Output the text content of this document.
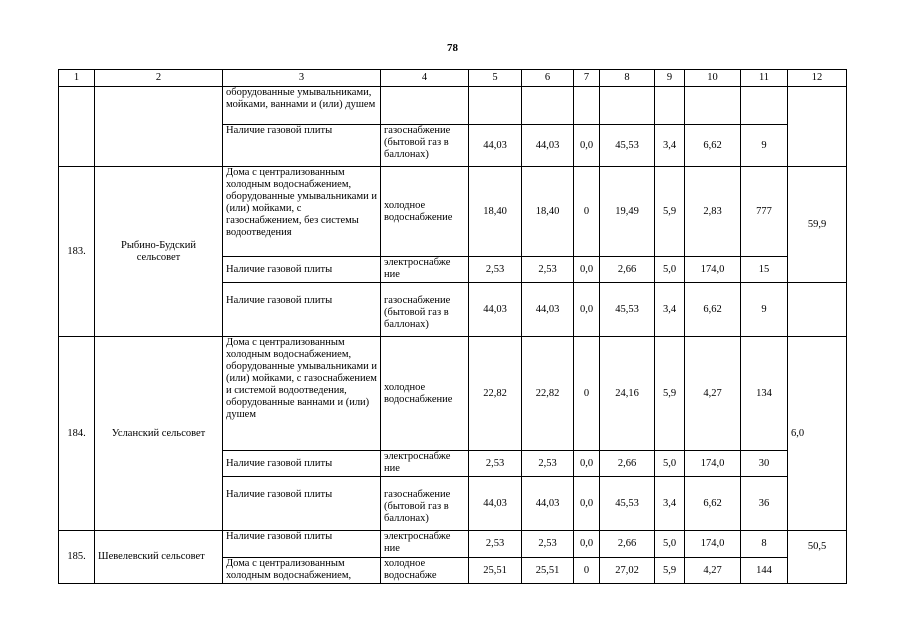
78
1	2	3	4	5	6	7	8	9	10	11	12
		оборудованные умывальниками, мойками, ваннами и (или) душем									
		Наличие газовой плиты	газоснабжение (бытовой газ в баллонах)	44,03	44,03	0,0	45,53	3,4	6,62	9	
183.	Рыбино-Будский сельсовет	Дома с централизованным холодным водоснабжением, оборудованные умывальниками и (или) мойками, с газоснабжением, без системы водоотведения	холодное водоснабжение	18,40	18,40	0	19,49	5,9	2,83	777	59,9
		Наличие газовой плиты	электроснабже ние	2,53	2,53	0,0	2,66	5,0	174,0	15	
		Наличие газовой плиты	газоснабжение (бытовой газ в баллонах)	44,03	44,03	0,0	45,53	3,4	6,62	9	
184.	Усланский сельсовет	Дома с централизованным холодным водоснабжением, оборудованные умывальниками и (или) мойками, с газоснабжением и системой водоотведения, оборудованные ваннами и (или) душем	холодное водоснабжение	22,82	22,82	0	24,16	5,9	4,27	134	6,0
		Наличие газовой плиты	электроснабже ние	2,53	2,53	0,0	2,66	5,0	174,0	30	
		Наличие газовой плиты	газоснабжение (бытовой газ в баллонах)	44,03	44,03	0,0	45,53	3,4	6,62	36	
185.	Шевелевский сельсовет	Наличие газовой плиты	электроснабже ние	2,53	2,53	0,0	2,66	5,0	174,0	8	50,5
		Дома с централизованным холодным водоснабжением,	холодное водоснабже	25,51	25,51	0	27,02	5,9	4,27	144	
